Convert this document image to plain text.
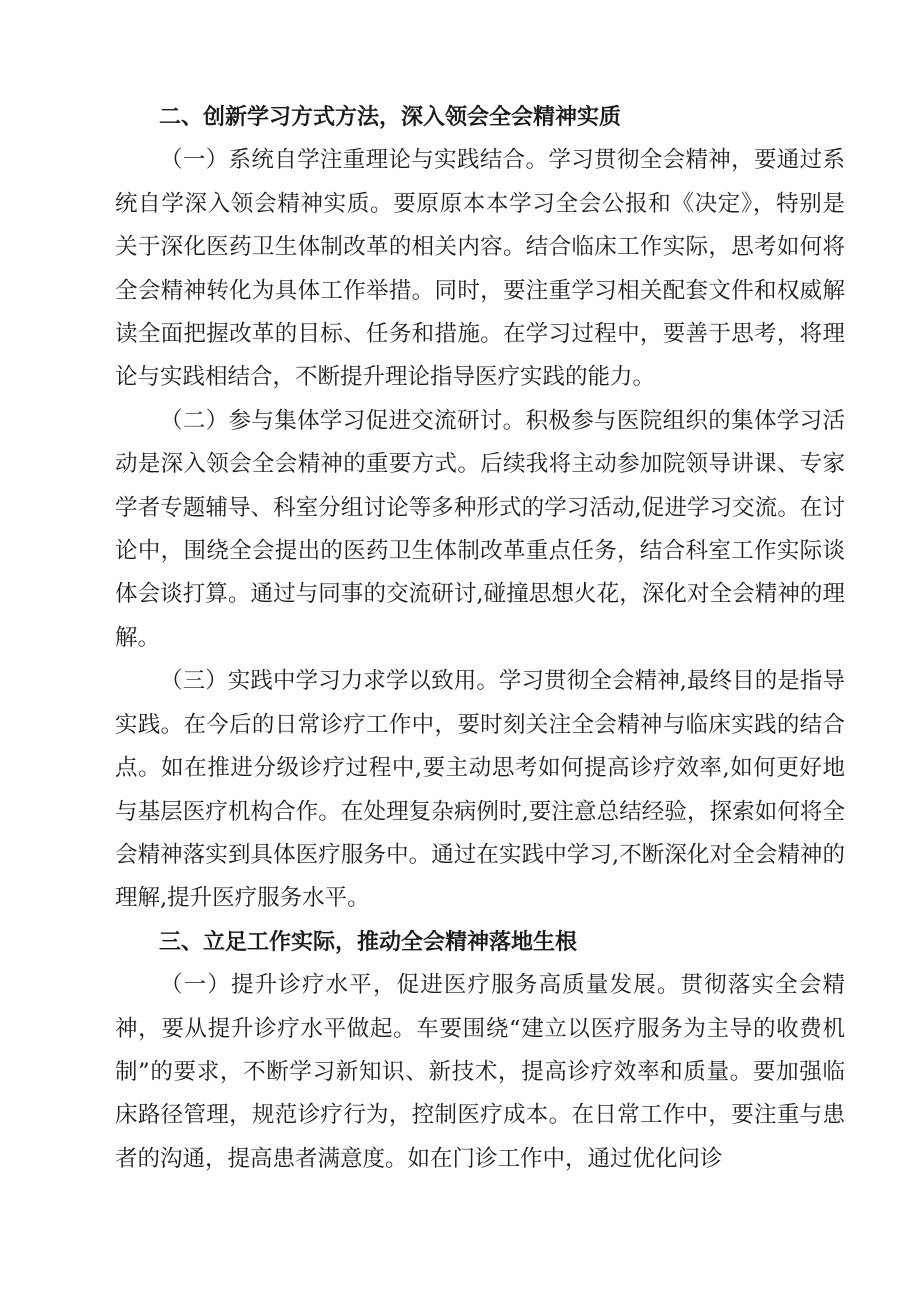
二、创新学习方式方法，深入领会全会精神实质

（一）系统自学注重理论与实践结合。学习贯彻全会精神，要通过系统自学深入领会精神实质。要原原本本学习全会公报和《决定》，特别是关于深化医药卫生体制改革的相关内容。结合临床工作实际，思考如何将全会精神转化为具体工作举措。同时，要注重学习相关配套文件和权威解读全面把握改革的目标、任务和措施。在学习过程中，要善于思考，将理论与实践相结合，不断提升理论指导医疗实践的能力。

（二）参与集体学习促进交流研讨。积极参与医院组织的集体学习活动是深入领会全会精神的重要方式。后续我将主动参加院领导讲课、专家学者专题辅导、科室分组讨论等多种形式的学习活动,促进学习交流。在讨论中，围绕全会提出的医药卫生体制改革重点任务，结合科室工作实际谈体会谈打算。通过与同事的交流研讨,碰撞思想火花，深化对全会精神的理解。

（三）实践中学习力求学以致用。学习贯彻全会精神,最终目的是指导实践。在今后的日常诊疗工作中，要时刻关注全会精神与临床实践的结合点。如在推进分级诊疗过程中,要主动思考如何提高诊疗效率,如何更好地与基层医疗机构合作。在处理复杂病例时,要注意总结经验，探索如何将全会精神落实到具体医疗服务中。通过在实践中学习,不断深化对全会精神的理解,提升医疗服务水平。

三、立足工作实际，推动全会精神落地生根

（一）提升诊疗水平，促进医疗服务高质量发展。贯彻落实全会精神，要从提升诊疗水平做起。车要围绕“建立以医疗服务为主导的收费机制”的要求，不断学习新知识、新技术，提高诊疗效率和质量。要加强临床路径管理，规范诊疗行为，控制医疗成本。在日常工作中，要注重与患者的沟通，提高患者满意度。如在门诊工作中，通过优化问诊
